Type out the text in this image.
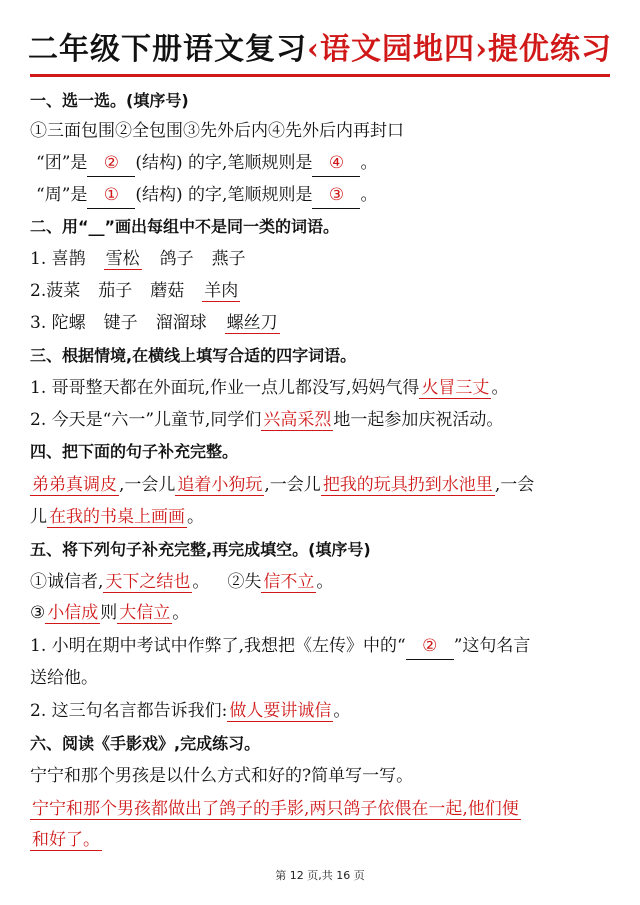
二年级下册语文复习‹语文园地四›提优练习
一、选一选。(填序号)
①三面包围②全包围③先外后内④先外后内再封口
“团”是 ② (结构) 的字,笔顺规则是 ④ 。
“周”是 ① (结构) 的字,笔顺规则是 ③ 。
二、用“__”画出每组中不是同一类的词语。
1. 喜鹊 雪松 鸽子 燕子
2.菠菜 茄子 蘑菇 羊肉
3. 陀螺 键子 溜溜球 螺丝刀
三、根据情境,在横线上填写合适的四字词语。
1. 哥哥整天都在外面玩,作业一点儿都没写,妈妈气得 火冒三丈 。
2. 今天是“六一”儿童节,同学们 兴高采烈 地一起参加庆祝活动。
四、把下面的句子补充完整。
弟弟真调皮 ,一会儿 追着小狗玩 ,一会儿 把我的玩具扔到水池里 ,一会
儿 在我的书桌上画画 。
五、将下列句子补充完整,再完成填空。(填序号)
①诚信者, 天下之结也 。 ②失 信不立 。
③ 小信成 则 大信立 。
1. 小明在期中考试中作弊了,我想把《左传》中的“ ② ”这句名言
送给他。
2. 这三句名言都告诉我们: 做人要讲诚信 。
六、阅读《手影戏》,完成练习。
宁宁和那个男孩是以什么方式和好的?简单写一写。
宁宁和那个男孩都做出了鸽子的手影,两只鸽子依偎在一起,他们便
和好了。
第 12 页,共 16 页
